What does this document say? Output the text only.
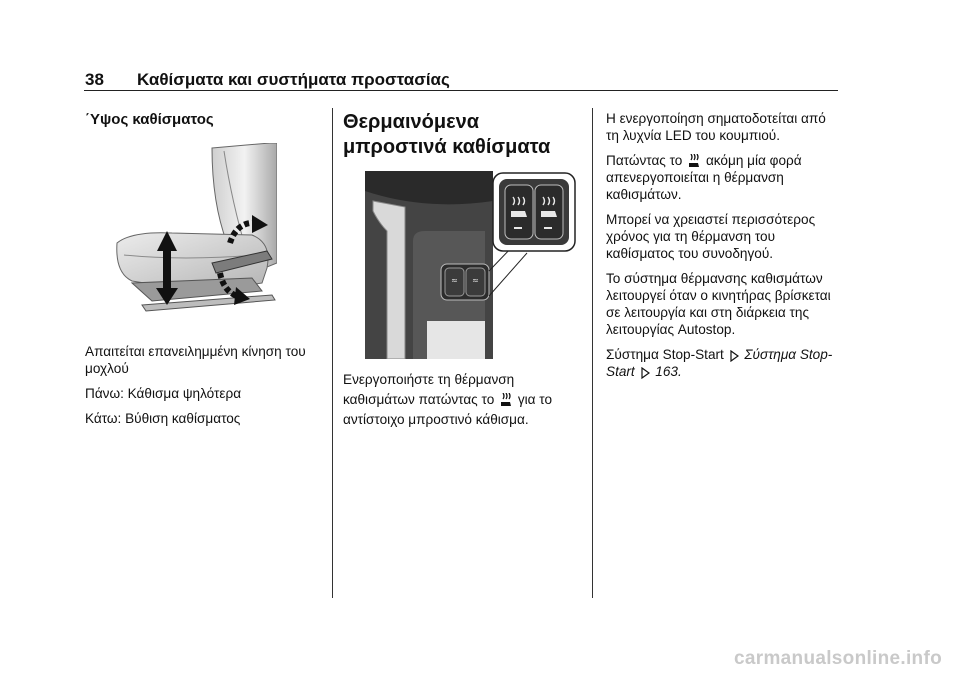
38 Καθίσματα και συστήματα προστασίας
΄Υψος καθίσματος

Απαιτείται επανειλημμένη κίνηση του μοχλού

Πάνω: Κάθισμα ψηλότερα

Κάτω: Βύθιση καθίσματος

Θερμαινόμενα μπροστινά καθίσματα

≈ ≈

Ενεργοποιήστε τη θέρμανση καθισμάτων πατώντας το για το αντίστοιχο μπροστινό κάθισμα.

Η ενεργοποίηση σηματοδοτείται από τη λυχνία LED του κουμπιού.

Πατώντας το ακόμη μία φορά απενεργοποιείται η θέρμανση καθισμάτων.

Μπορεί να χρειαστεί περισσότερος χρόνος για τη θέρμανση του καθίσματος του συνοδηγού.

Το σύστημα θέρμανσης καθισμάτων λειτουργεί όταν ο κινητήρας βρίσκεται σε λειτουργία και στη διάρκεια της λειτουργίας Autostop.

Σύστημα Stop-Start Σύστημα Stop-Start 163.

carmanualsonline.info
